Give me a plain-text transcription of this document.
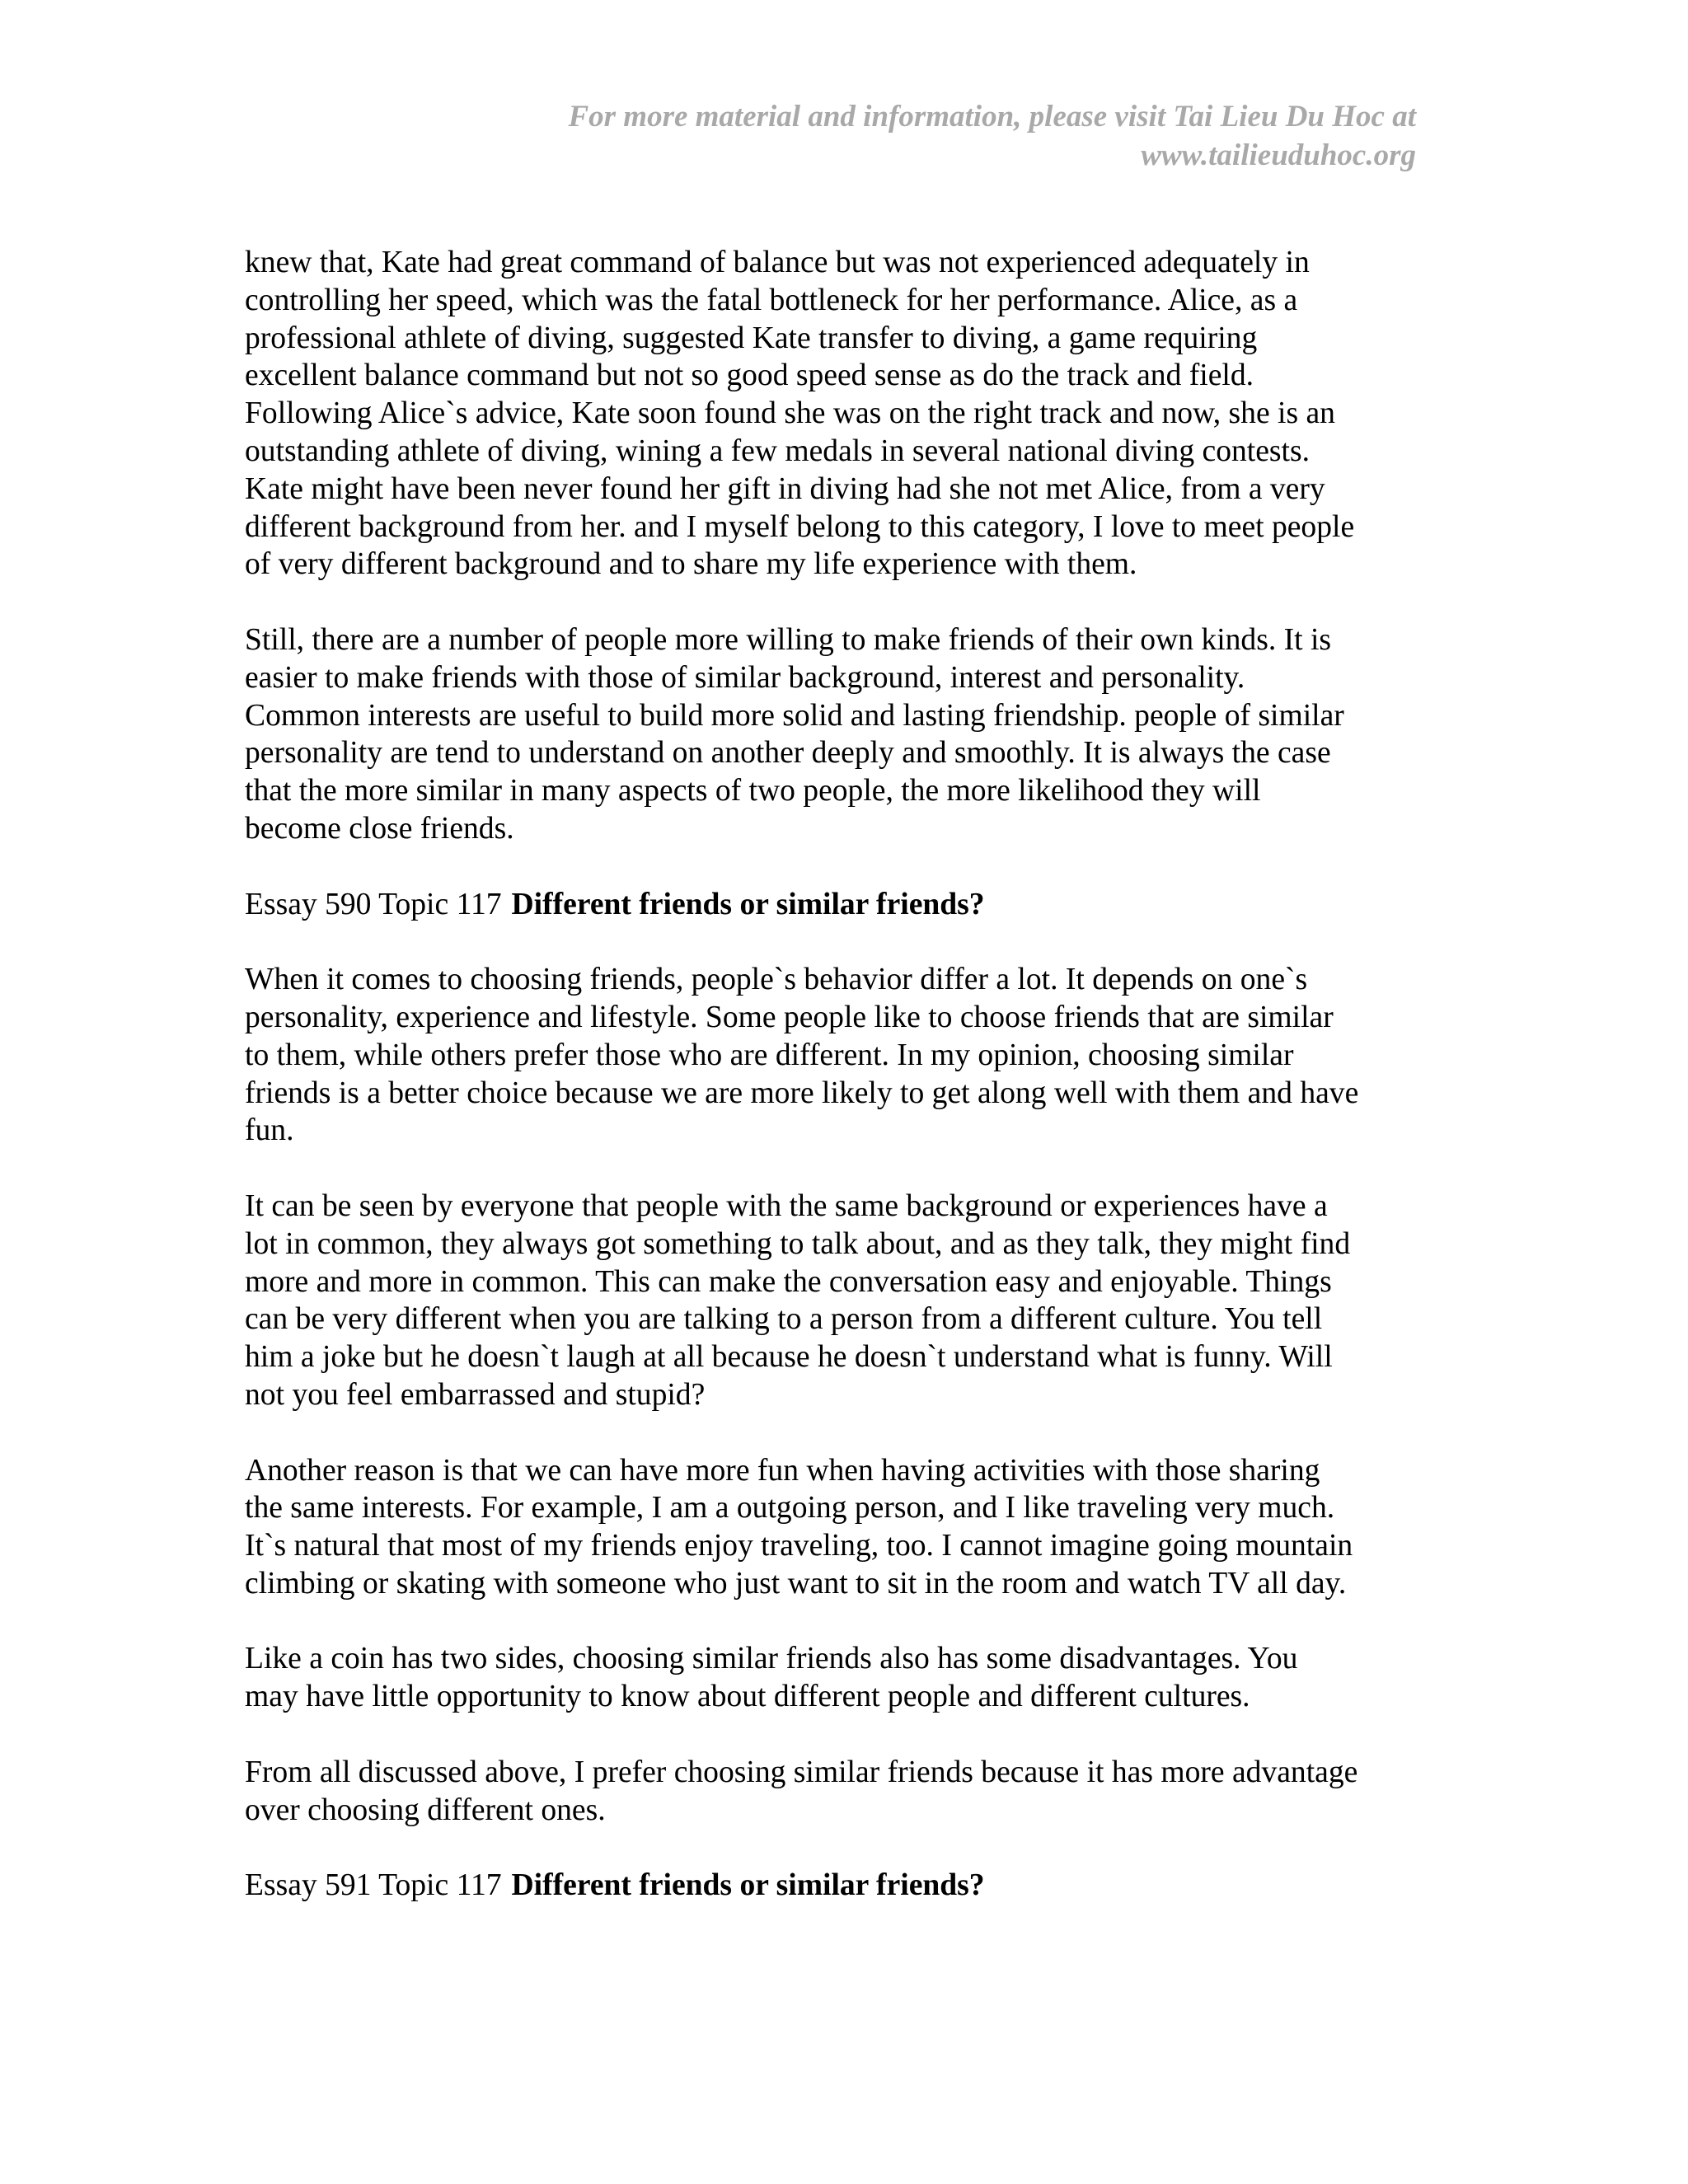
For more material and information, please visit Tai Lieu Du Hoc at
www.tailieuduhoc.org
knew that, Kate had great command of balance but was not experienced adequately in
controlling her speed, which was the fatal bottleneck for her performance. Alice, as a
professional athlete of diving, suggested Kate transfer to diving, a game requiring
excellent balance command but not so good speed sense as do the track and field.
Following Alice`s advice, Kate soon found she was on the right track and now, she is an
outstanding athlete of diving, wining a few medals in several national diving contests.
Kate might have been never found her gift in diving had she not met Alice, from a very
different background from her. and I myself belong to this category, I love to meet people
of very different background and to share my life experience with them.
Still, there are a number of people more willing to make friends of their own kinds. It is
easier to make friends with those of similar background, interest and personality.
Common interests are useful to build more solid and lasting friendship. people of similar
personality are tend to understand on another deeply and smoothly. It is always the case
that the more similar in many aspects of two people, the more likelihood they will
become close friends.
Essay 590 Topic 117 Different friends or similar friends?
When it comes to choosing friends, people`s behavior differ a lot. It depends on one`s
personality, experience and lifestyle. Some people like to choose friends that are similar
to them, while others prefer those who are different. In my opinion, choosing similar
friends is a better choice because we are more likely to get along well with them and have
fun.
It can be seen by everyone that people with the same background or experiences have a
lot in common, they always got something to talk about, and as they talk, they might find
more and more in common. This can make the conversation easy and enjoyable. Things
can be very different when you are talking to a person from a different culture. You tell
him a joke but he doesn`t laugh at all because he doesn`t understand what is funny. Will
not you feel embarrassed and stupid?
Another reason is that we can have more fun when having activities with those sharing
the same interests. For example, I am a outgoing person, and I like traveling very much.
It`s natural that most of my friends enjoy traveling, too. I cannot imagine going mountain
climbing or skating with someone who just want to sit in the room and watch TV all day.
Like a coin has two sides, choosing similar friends also has some disadvantages. You
may have little opportunity to know about different people and different cultures.
From all discussed above, I prefer choosing similar friends because it has more advantage
over choosing different ones.
Essay 591 Topic 117 Different friends or similar friends?
